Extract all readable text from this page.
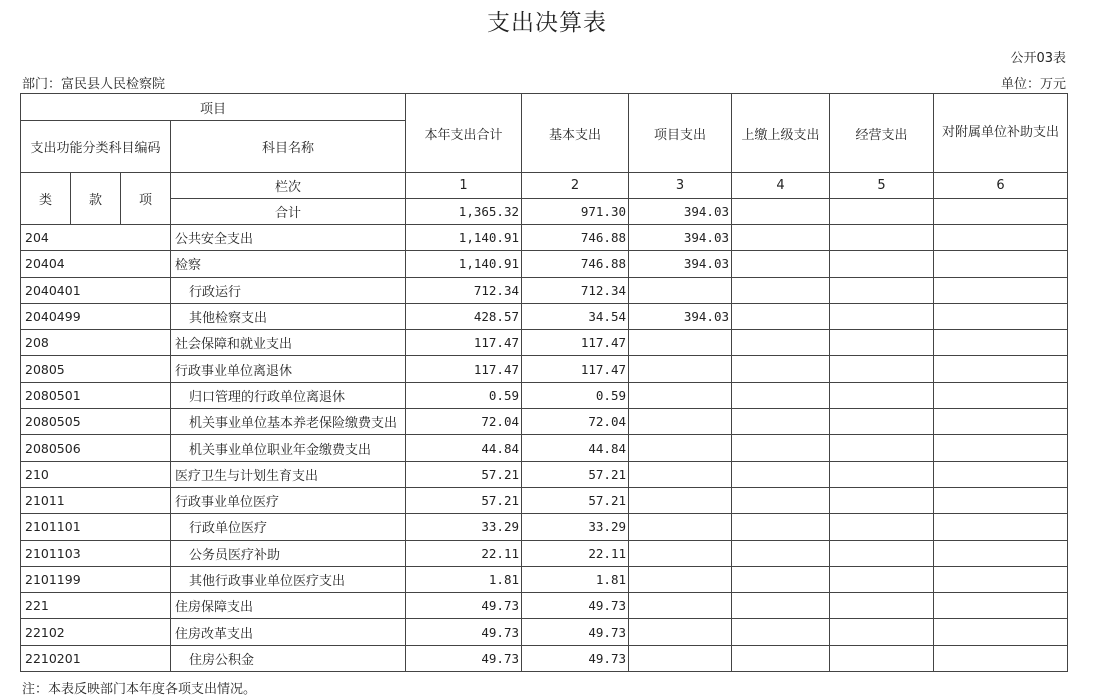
支出决算表
公开03表
部门：富民县人民检察院	单位：万元
项目				本年支出合计	基本支出	项目支出	上缴上级支出	经营支出	对附属单位补助支出
支出功能分类科目编码			科目名称						
类	款	项	栏次	1	2	3	4	5	6
			合计	1,365.32	971.30	394.03			
204			公共安全支出	1,140.91	746.88	394.03			
20404			检察	1,140.91	746.88	394.03			
2040401			行政运行	712.34	712.34				
2040499			其他检察支出	428.57	34.54	394.03			
208			社会保障和就业支出	117.47	117.47				
20805			行政事业单位离退休	117.47	117.47				
2080501			归口管理的行政单位离退休	0.59	0.59				
2080505			机关事业单位基本养老保险缴费支出	72.04	72.04				
2080506			机关事业单位职业年金缴费支出	44.84	44.84				
210			医疗卫生与计划生育支出	57.21	57.21				
21011			行政事业单位医疗	57.21	57.21				
2101101			行政单位医疗	33.29	33.29				
2101103			公务员医疗补助	22.11	22.11				
2101199			其他行政事业单位医疗支出	1.81	1.81				
221			住房保障支出	49.73	49.73				
22102			住房改革支出	49.73	49.73				
2210201			住房公积金	49.73	49.73				
注：本表反映部门本年度各项支出情况。
